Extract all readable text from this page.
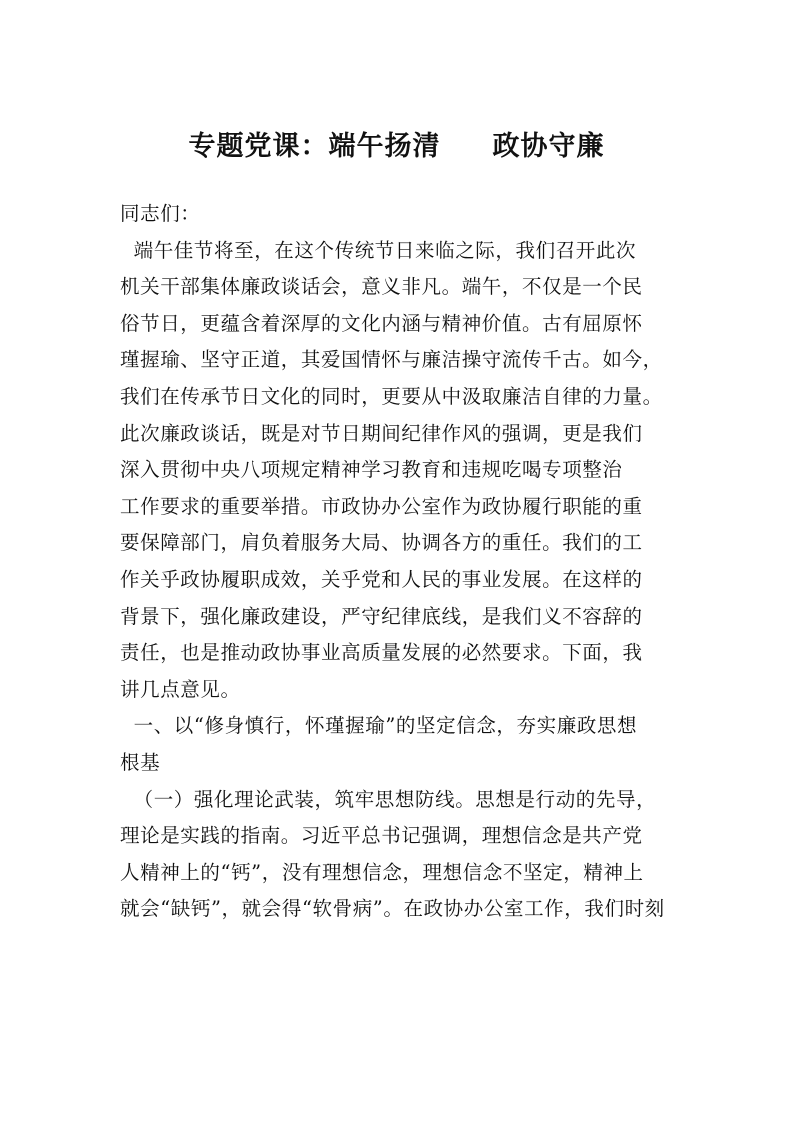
专题党课：端午扬清     政协守廉
同志们：
端午佳节将至，在这个传统节日来临之际，我们召开此次
机关干部集体廉政谈话会，意义非凡。端午，不仅是一个民
俗节日，更蕴含着深厚的文化内涵与精神价值。古有屈原怀
瑾握瑜、坚守正道，其爱国情怀与廉洁操守流传千古。如今，
我们在传承节日文化的同时，更要从中汲取廉洁自律的力量。
此次廉政谈话，既是对节日期间纪律作风的强调，更是我们
深入贯彻中央八项规定精神学习教育和违规吃喝专项整治
工作要求的重要举措。市政协办公室作为政协履行职能的重
要保障部门，肩负着服务大局、协调各方的重任。我们的工
作关乎政协履职成效，关乎党和人民的事业发展。在这样的
背景下，强化廉政建设，严守纪律底线，是我们义不容辞的
责任，也是推动政协事业高质量发展的必然要求。下面，我
讲几点意见。
一、以“修身慎行，怀瑾握瑜”的坚定信念，夯实廉政思想
根基
（一）强化理论武装，筑牢思想防线。思想是行动的先导，
理论是实践的指南。习近平总书记强调，理想信念是共产党
人精神上的“钙”，没有理想信念，理想信念不坚定，精神上
就会“缺钙”，就会得“软骨病”。在政协办公室工作，我们时刻
